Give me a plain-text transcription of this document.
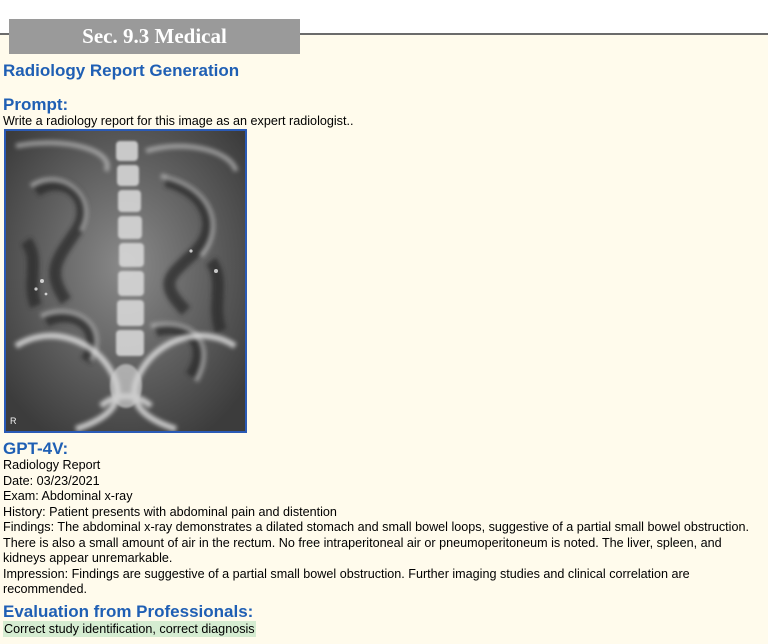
Sec. 9.3 Medical
Radiology Report Generation
Prompt:
Write a radiology report for this image as an expert radiologist..
R
GPT-4V:
Radiology Report
Date: 03/23/2021
Exam: Abdominal x-ray
History: Patient presents with abdominal pain and distention
Findings: The abdominal x-ray demonstrates a dilated stomach and small bowel loops, suggestive of a partial small bowel obstruction. There is also a small amount of air in the rectum. No free intraperitoneal air or pneumoperitoneum is noted. The liver, spleen, and kidneys appear unremarkable.
Impression: Findings are suggestive of a partial small bowel obstruction. Further imaging studies and clinical correlation are recommended.
Evaluation from Professionals:
Correct study identification, correct diagnosis
